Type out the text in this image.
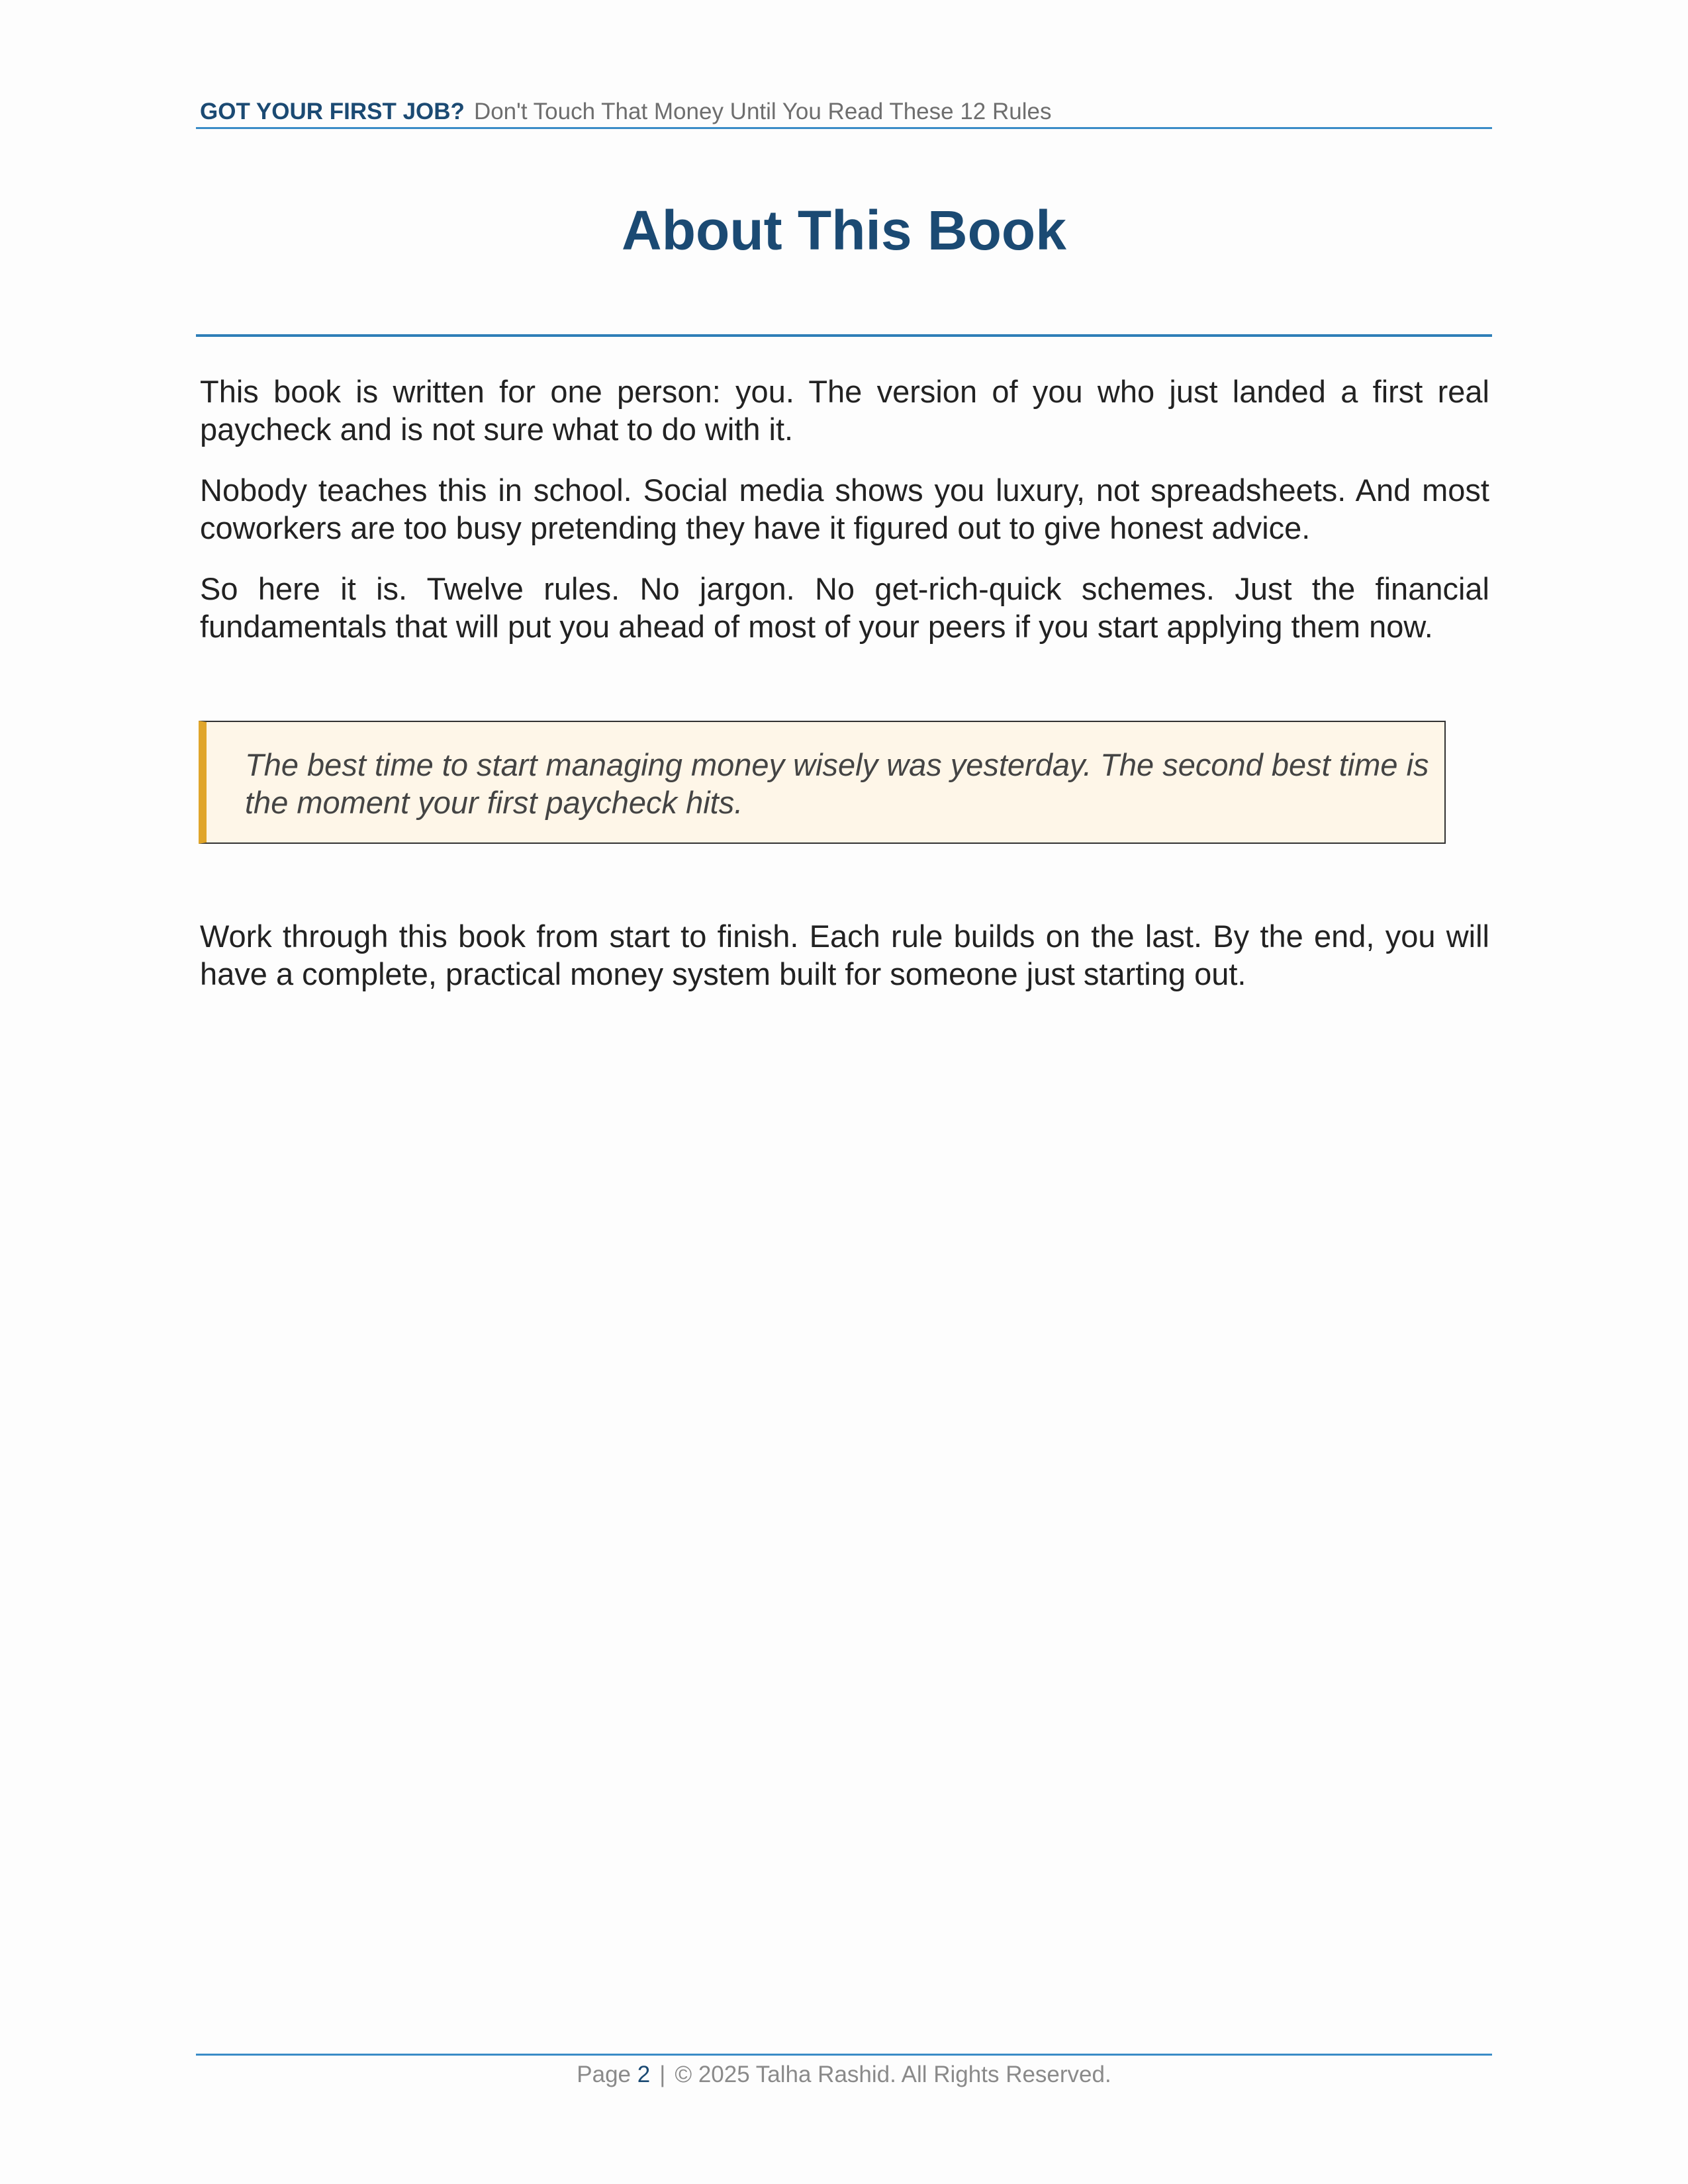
GOT YOUR FIRST JOB? Don't Touch That Money Until You Read These 12 Rules
About This Book

This book is written for one person: you. The version of you who just landed a first real paycheck and is not sure what to do with it.

Nobody teaches this in school. Social media shows you luxury, not spreadsheets. And most coworkers are too busy pretending they have it figured out to give honest advice.

So here it is. Twelve rules. No jargon. No get-rich-quick schemes. Just the financial fundamentals that will put you ahead of most of your peers if you start applying them now.

The best time to start managing money wisely was yesterday. The second best time is the moment your first paycheck hits.

Work through this book from start to finish. Each rule builds on the last. By the end, you will have a complete, practical money system built for someone just starting out.

Page 2 | © 2025 Talha Rashid. All Rights Reserved.
